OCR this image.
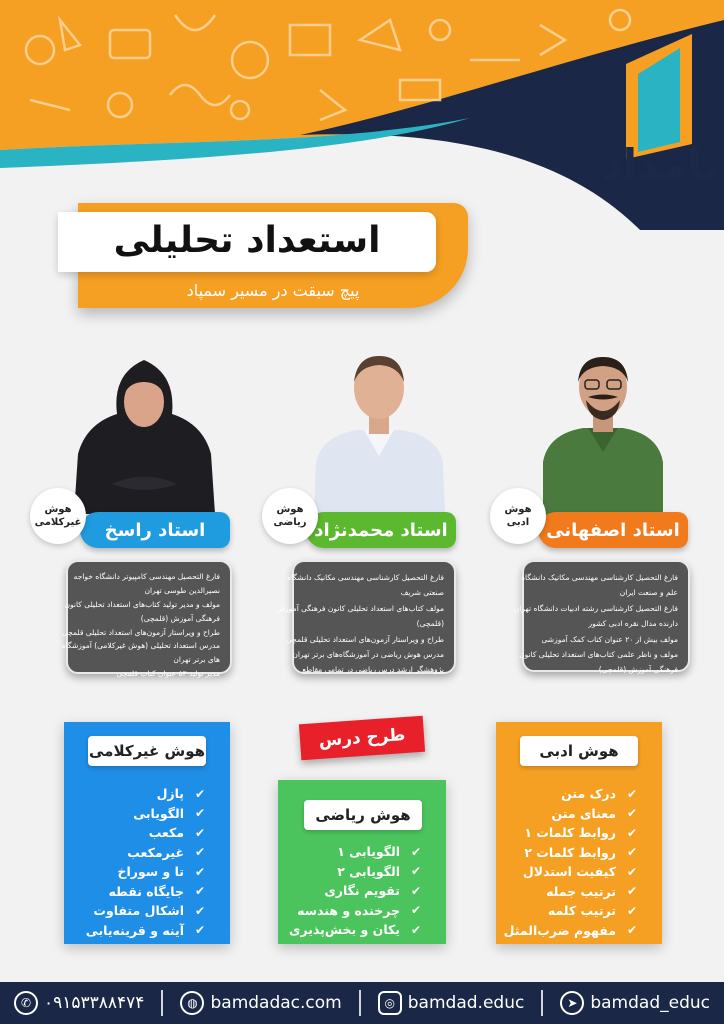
بامداد
استعداد تحلیلی
پیچ سبقت در مسیر سمپاد
استاد اصفهانی
هوش
ادبی
فارغ التحصیل کارشناسی مهندسی مکانیک دانشگاه
علم و صنعت ایران
فارغ التحصیل کارشناسی رشته ادبیات دانشگاه تهران
دارنده مدال نقره ادبی کشور
مولف بیش از ۲۰ عنوان کتاب کمک آموزشی
مولف و ناظر علمی کتاب‌های استعداد تحلیلی کانون
فرهنگی آموزش (قلمچی)
استاد محمدنژاد
هوش
ریاضی
فارغ التحصیل کارشناسی مهندسی مکانیک دانشگاه
صنعتی شریف
مولف کتاب‌های استعداد تحلیلی کانون فرهنگی آموزش
(قلمچی)
طراح و ویراستار آزمون‌های استعداد تحلیلی قلمچی
مدرس هوش ریاضی در آموزشگاه‌های برتر تهران
پژوهشگر ارشد درس ریاضی در تمامی مقاطع
استاد راسخ
هوش
غیرکلامی
فارغ التحصیل مهندسی کامپیوتر دانشگاه خواجه
نصیرالدین طوسی تهران
مولف و مدیر تولید کتاب‌های استعداد تحلیلی کانون
فرهنگی آموزش (قلمچی)
طراح و ویراستار آزمون‌های استعداد تحلیلی قلمچی
مدرس استعداد تحلیلی (هوش غیرکلامی) آموزشگاه
های برتر تهران
مدیر تولید ۵۳ عنوان کتاب قلمچی
طرح درس	هوش ادبی
✔
درک متن
✔
معنای متن
✔
روابط کلمات ۱
✔
روابط کلمات ۲
✔
کیفیت استدلال
✔
ترتیب جمله
✔
ترتیب کلمه
✔
مفهوم ضرب‌المثل
هوش ریاضی
✔
الگویابی ۱
✔
الگویابی ۲
✔
تقویم نگاری
✔
چرخنده و هندسه
✔
یکان و بخش‌پذیری
هوش غیرکلامی
✔
پازل
✔
الگویابی
✔
مکعب
✔
غیرمکعب
✔
تا و سوراخ
✔
جایگاه نقطه
✔
اشکال متفاوت
✔
آینه و قرینه‌یابی
✆ ۰۹۱۵۳۳۸۸۴۷۴	◍ bamdadac.com	◎ bamdad.educ	➤ bamdad_educ
